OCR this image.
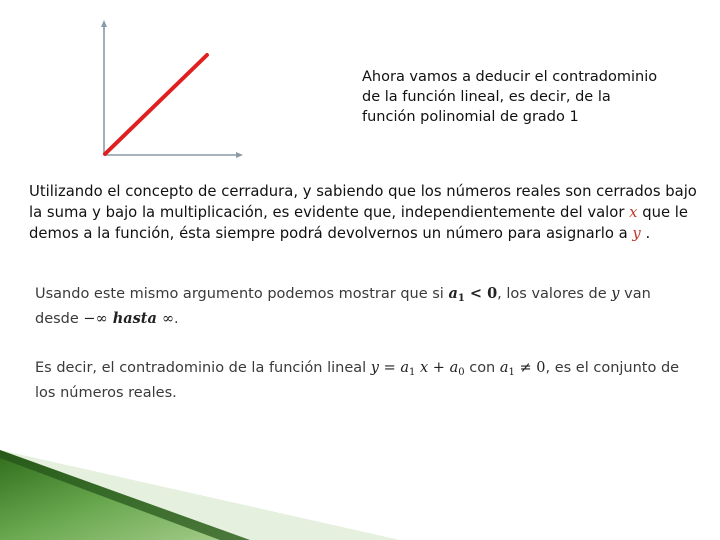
Ahora vamos a deducir el contradominio de la función lineal, es decir, de la función polinomial de grado 1
Utilizando el concepto de cerradura, y sabiendo que los números reales son cerrados bajo la suma y bajo la multiplicación, es evidente que, independientemente del valor x que le demos a la función, ésta siempre podrá devolvernos un número para asignarlo a y .
Usando este mismo argumento podemos mostrar que si $a_1 < 0$, los valores de y van desde −∞ hasta ∞.
Es decir, el contradominio de la función lineal $y = a_1$ $x + a_0$ con $a_1 \ne 0$, es el conjunto de los números reales.
